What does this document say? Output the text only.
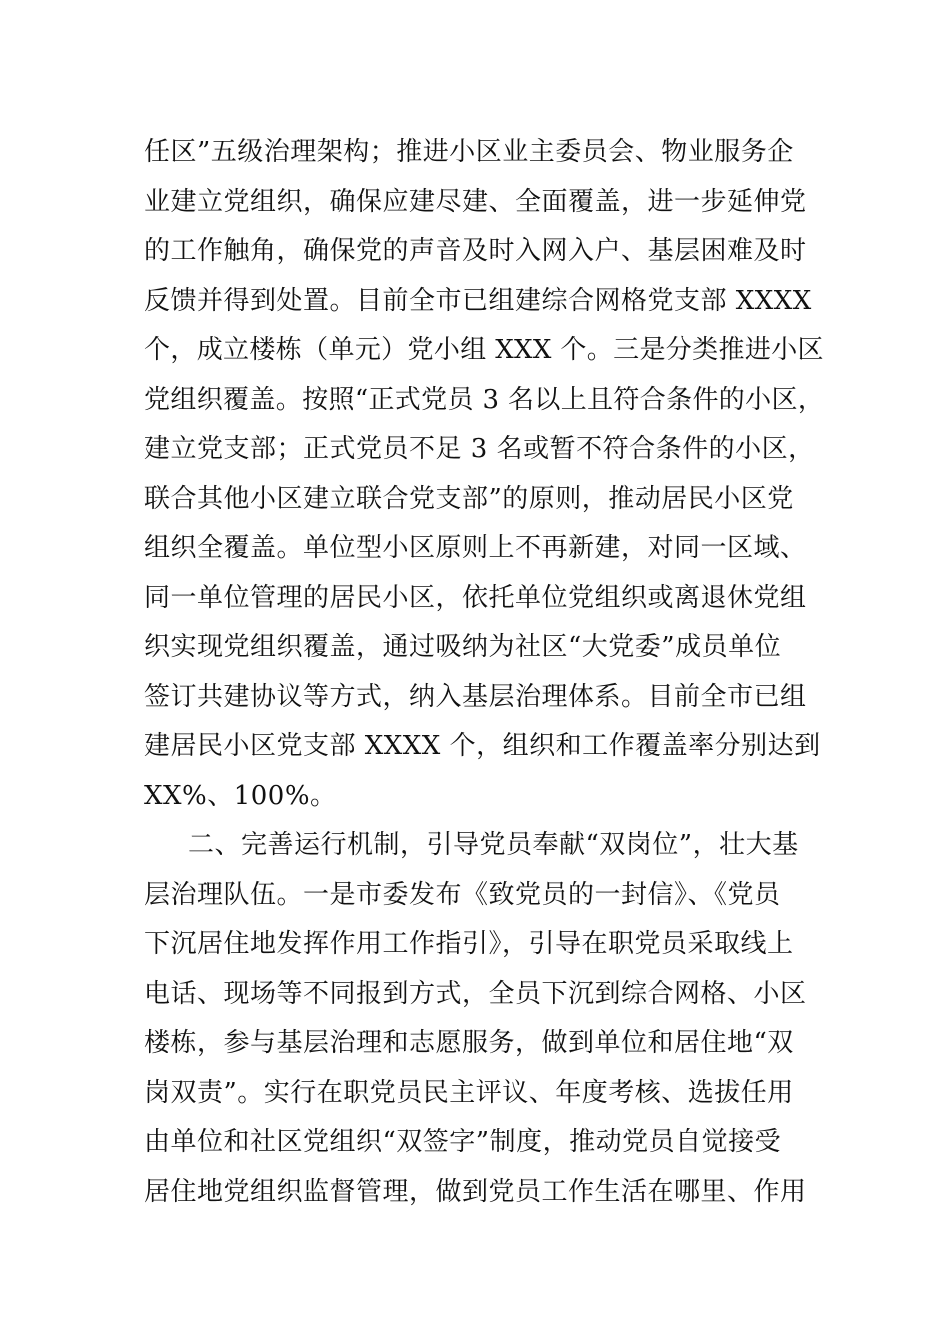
任区”五级治理架构；推进小区业主委员会、物业服务企
业建立党组织，确保应建尽建、全面覆盖，进一步延伸党
的工作触角，确保党的声音及时入网入户、基层困难及时
反馈并得到处置。目前全市已组建综合网格党支部 XXXX
个，成立楼栋（单元）党小组 XXX 个。三是分类推进小区
党组织覆盖。按照“正式党员 3 名以上且符合条件的小区，
建立党支部；正式党员不足 3 名或暂不符合条件的小区，
联合其他小区建立联合党支部”的原则，推动居民小区党
组织全覆盖。单位型小区原则上不再新建，对同一区域、
同一单位管理的居民小区，依托单位党组织或离退休党组
织实现党组织覆盖，通过吸纳为社区“大党委”成员单位
签订共建协议等方式，纳入基层治理体系。目前全市已组
建居民小区党支部 XXXX 个，组织和工作覆盖率分别达到
XX%、100%。
二、完善运行机制，引导党员奉献“双岗位”，壮大基
层治理队伍。一是市委发布《致党员的一封信》、《党员
下沉居住地发挥作用工作指引》，引导在职党员采取线上
电话、现场等不同报到方式，全员下沉到综合网格、小区
楼栋，参与基层治理和志愿服务，做到单位和居住地“双
岗双责”。实行在职党员民主评议、年度考核、选拔任用
由单位和社区党组织“双签字”制度，推动党员自觉接受
居住地党组织监督管理，做到党员工作生活在哪里、作用
